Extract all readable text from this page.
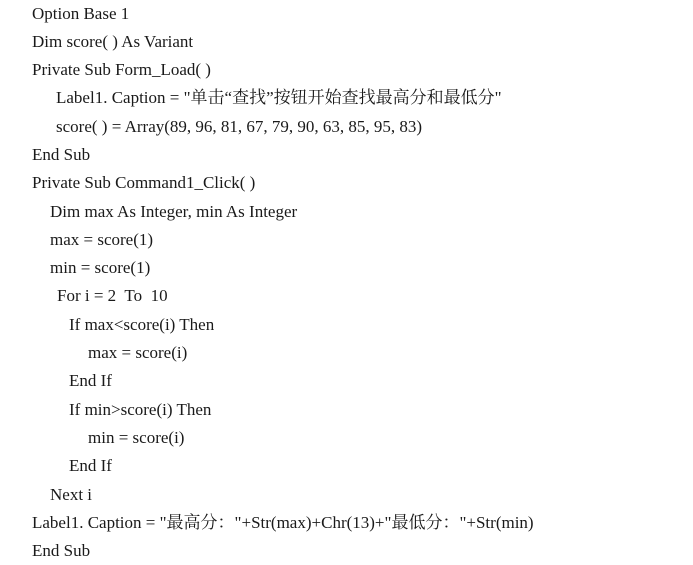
Option Base 1
Dim score( ) As Variant
Private Sub Form_Load( )
Label1. Caption = "单击“查找”按钮开始查找最高分和最低分"
score( ) = Array(89, 96, 81, 67, 79, 90, 63, 85, 95, 83)
End Sub
Private Sub Command1_Click( )
Dim max As Integer, min As Integer
max = score(1)
min = score(1)
For i = 2  To  10
If max<score(i) Then
max = score(i)
End If
If min>score(i) Then
min = score(i)
End If
Next i
Label1. Caption = "最高分："+Str(max)+Chr(13)+"最低分："+Str(min)
End Sub
